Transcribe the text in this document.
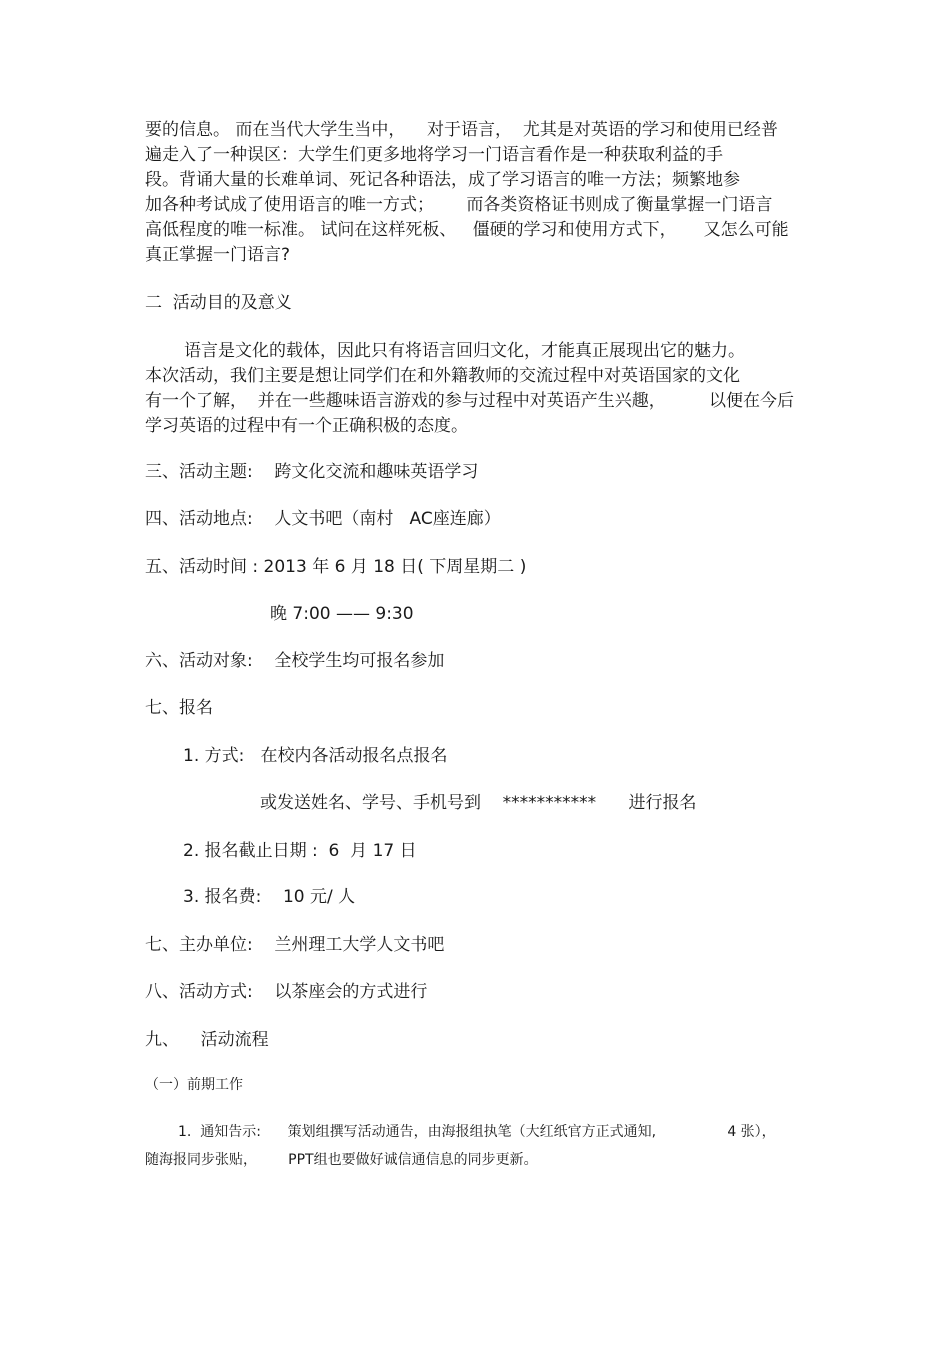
要的信息。 而在当代大学生当中，    对于语言，  尤其是对英语的学习和使用已经普
遍走入了一种误区：大学生们更多地将学习一门语言看作是一种获取利益的手
段。背诵大量的长难单词、死记各种语法，成了学习语言的唯一方法；频繁地参
加各种考试成了使用语言的唯一方式；      而各类资格证书则成了衡量掌握一门语言
高低程度的唯一标准。 试问在这样死板、   僵硬的学习和使用方式下，     又怎么可能
真正掌握一门语言?
二  活动目的及意义
语言是文化的载体，因此只有将语言回归文化，才能真正展现出它的魅力。
本次活动，我们主要是想让同学们在和外籍教师的交流过程中对英语国家的文化
有一个了解，  并在一些趣味语言游戏的参与过程中对英语产生兴趣，        以便在今后
学习英语的过程中有一个正确积极的态度。
三、活动主题:    跨文化交流和趣味英语学习
四、活动地点:    人文书吧（南村   AC座连廊）
五、活动时间 : 2013 年 6 月 18 日( 下周星期二 )
晚 7:00 —— 9:30
六、活动对象:    全校学生均可报名参加
七、报名
1. 方式:   在校内各活动报名点报名
或发送姓名、学号、手机号到    ***********      进行报名
2. 报名截止日期 :  6  月 17 日
3. 报名费:    10 元/ 人
七、主办单位:    兰州理工大学人文书吧
八、活动方式:    以茶座会的方式进行
九、    活动流程
（一）前期工作
1.  通知告示:      策划组撰写活动通告，由海报组执笔（大红纸官方正式通知,                4 张），
随海报同步张贴，       PPT组也要做好诚信通信息的同步更新。
